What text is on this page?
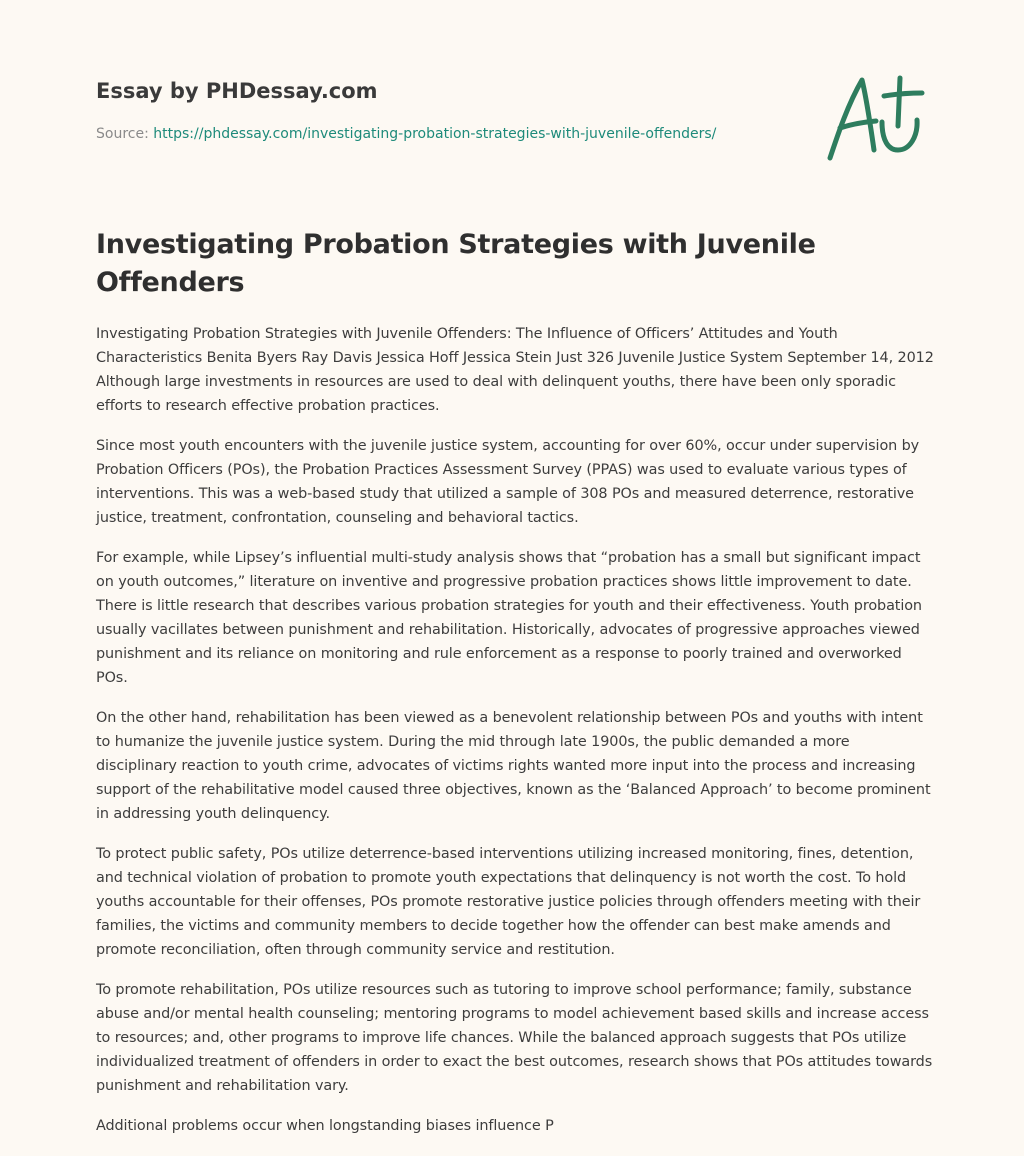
Essay by PHDessay.com
Source: https://phdessay.com/investigating-probation-strategies-with-juvenile-offenders/
Investigating Probation Strategies with Juvenile Offenders

Investigating Probation Strategies with Juvenile Offenders: The Influence of Officers’ Attitudes and Youth Characteristics Benita Byers Ray Davis Jessica Hoff Jessica Stein Just 326 Juvenile Justice System September 14, 2012 Although large investments in resources are used to deal with delinquent youths, there have been only sporadic efforts to research effective probation practices.

Since most youth encounters with the juvenile justice system, accounting for over 60%, occur under supervision by Probation Officers (POs), the Probation Practices Assessment Survey (PPAS) was used to evaluate various types of interventions. This was a web-based study that utilized a sample of 308 POs and measured deterrence, restorative justice, treatment, confrontation, counseling and behavioral tactics.

For example, while Lipsey’s influential multi-study analysis shows that “probation has a small but significant impact on youth outcomes,” literature on inventive and progressive probation practices shows little improvement to date. There is little research that describes various probation strategies for youth and their effectiveness. Youth probation usually vacillates between punishment and rehabilitation. Historically, advocates of progressive approaches viewed punishment and its reliance on monitoring and rule enforcement as a response to poorly trained and overworked POs.

On the other hand, rehabilitation has been viewed as a benevolent relationship between POs and youths with intent to humanize the juvenile justice system. During the mid through late 1900s, the public demanded a more disciplinary reaction to youth crime, advocates of victims rights wanted more input into the process and increasing support of the rehabilitative model caused three objectives, known as the ‘Balanced Approach’ to become prominent in addressing youth delinquency.

To protect public safety, POs utilize deterrence-based interventions utilizing increased monitoring, fines, detention, and technical violation of probation to promote youth expectations that delinquency is not worth the cost. To hold youths accountable for their offenses, POs promote restorative justice policies through offenders meeting with their families, the victims and community members to decide together how the offender can best make amends and promote reconciliation, often through community service and restitution.

To promote rehabilitation, POs utilize resources such as tutoring to improve school performance; family, substance abuse and/or mental health counseling; mentoring programs to model achievement based skills and increase access to resources; and, other programs to improve life chances. While the balanced approach suggests that POs utilize individualized treatment of offenders in order to exact the best outcomes, research shows that POs attitudes towards punishment and rehabilitation vary.

Additional problems occur when longstanding biases influence P
